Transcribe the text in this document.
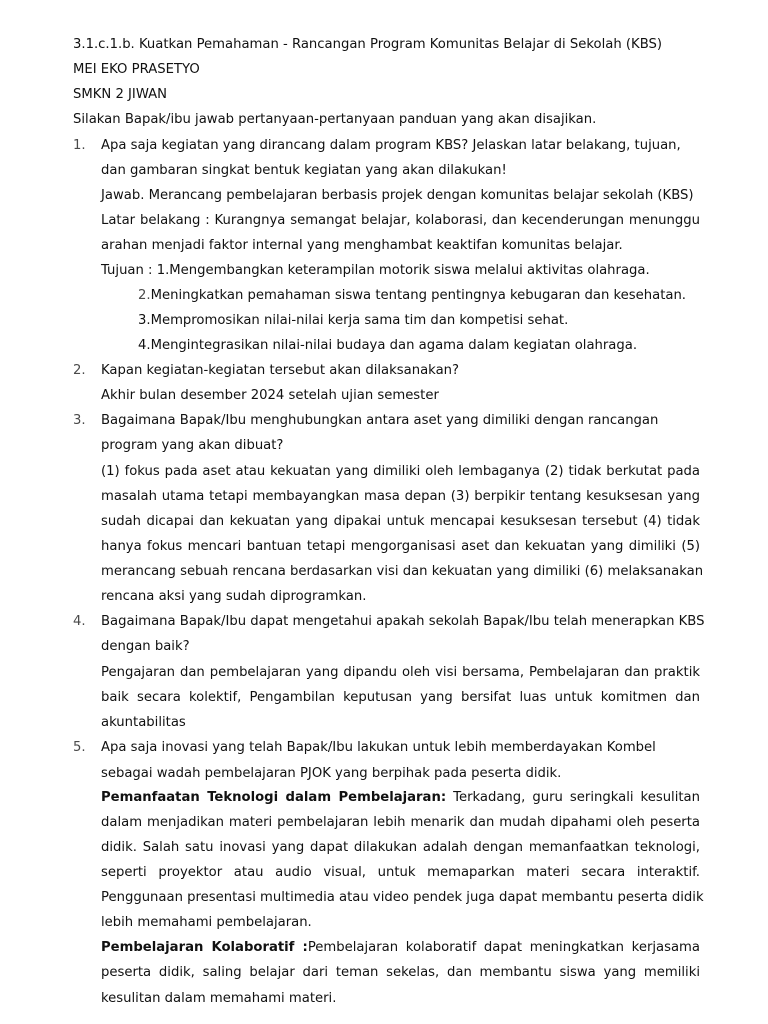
3.1.c.1.b. Kuatkan Pemahaman - Rancangan Program Komunitas Belajar di Sekolah (KBS)
MEI EKO PRASETYO
SMKN 2 JIWAN
Silakan Bapak/ibu jawab pertanyaan-pertanyaan panduan yang akan disajikan.
1. Apa saja kegiatan yang dirancang dalam program KBS? Jelaskan latar belakang, tujuan,
dan gambaran singkat bentuk kegiatan yang akan dilakukan!
Jawab. Merancang pembelajaran berbasis projek dengan komunitas belajar sekolah (KBS)
Latar belakang : Kurangnya semangat belajar, kolaborasi, dan kecenderungan menunggu
arahan menjadi faktor internal yang menghambat keaktifan komunitas belajar.
Tujuan : 1.Mengembangkan keterampilan motorik siswa melalui aktivitas olahraga.
2.Meningkatkan pemahaman siswa tentang pentingnya kebugaran dan kesehatan.
3.Mempromosikan nilai-nilai kerja sama tim dan kompetisi sehat.
4.Mengintegrasikan nilai-nilai budaya dan agama dalam kegiatan olahraga.
2. Kapan kegiatan-kegiatan tersebut akan dilaksanakan?
Akhir bulan desember 2024 setelah ujian semester
3. Bagaimana Bapak/Ibu menghubungkan antara aset yang dimiliki dengan rancangan
program yang akan dibuat?
(1) fokus pada aset atau kekuatan yang dimiliki oleh lembaganya (2) tidak berkutat pada
masalah utama tetapi membayangkan masa depan (3) berpikir tentang kesuksesan yang
sudah dicapai dan kekuatan yang dipakai untuk mencapai kesuksesan tersebut (4) tidak
hanya fokus mencari bantuan tetapi mengorganisasi aset dan kekuatan yang dimiliki (5)
merancang sebuah rencana berdasarkan visi dan kekuatan yang dimiliki (6) melaksanakan
rencana aksi yang sudah diprogramkan.
4. Bagaimana Bapak/Ibu dapat mengetahui apakah sekolah Bapak/Ibu telah menerapkan KBS
dengan baik?
Pengajaran dan pembelajaran yang dipandu oleh visi bersama, Pembelajaran dan praktik
baik secara kolektif, Pengambilan keputusan yang bersifat luas untuk komitmen dan
akuntabilitas
5. Apa saja inovasi yang telah Bapak/Ibu lakukan untuk lebih memberdayakan Kombel
sebagai wadah pembelajaran PJOK yang berpihak pada peserta didik.
Pemanfaatan Teknologi dalam Pembelajaran: Terkadang, guru seringkali kesulitan
dalam menjadikan materi pembelajaran lebih menarik dan mudah dipahami oleh peserta
didik. Salah satu inovasi yang dapat dilakukan adalah dengan memanfaatkan teknologi,
seperti proyektor atau audio visual, untuk memaparkan materi secara interaktif.
Penggunaan presentasi multimedia atau video pendek juga dapat membantu peserta didik
lebih memahami pembelajaran.
Pembelajaran Kolaboratif :Pembelajaran kolaboratif dapat meningkatkan kerjasama
peserta didik, saling belajar dari teman sekelas, dan membantu siswa yang memiliki
kesulitan dalam memahami materi.
